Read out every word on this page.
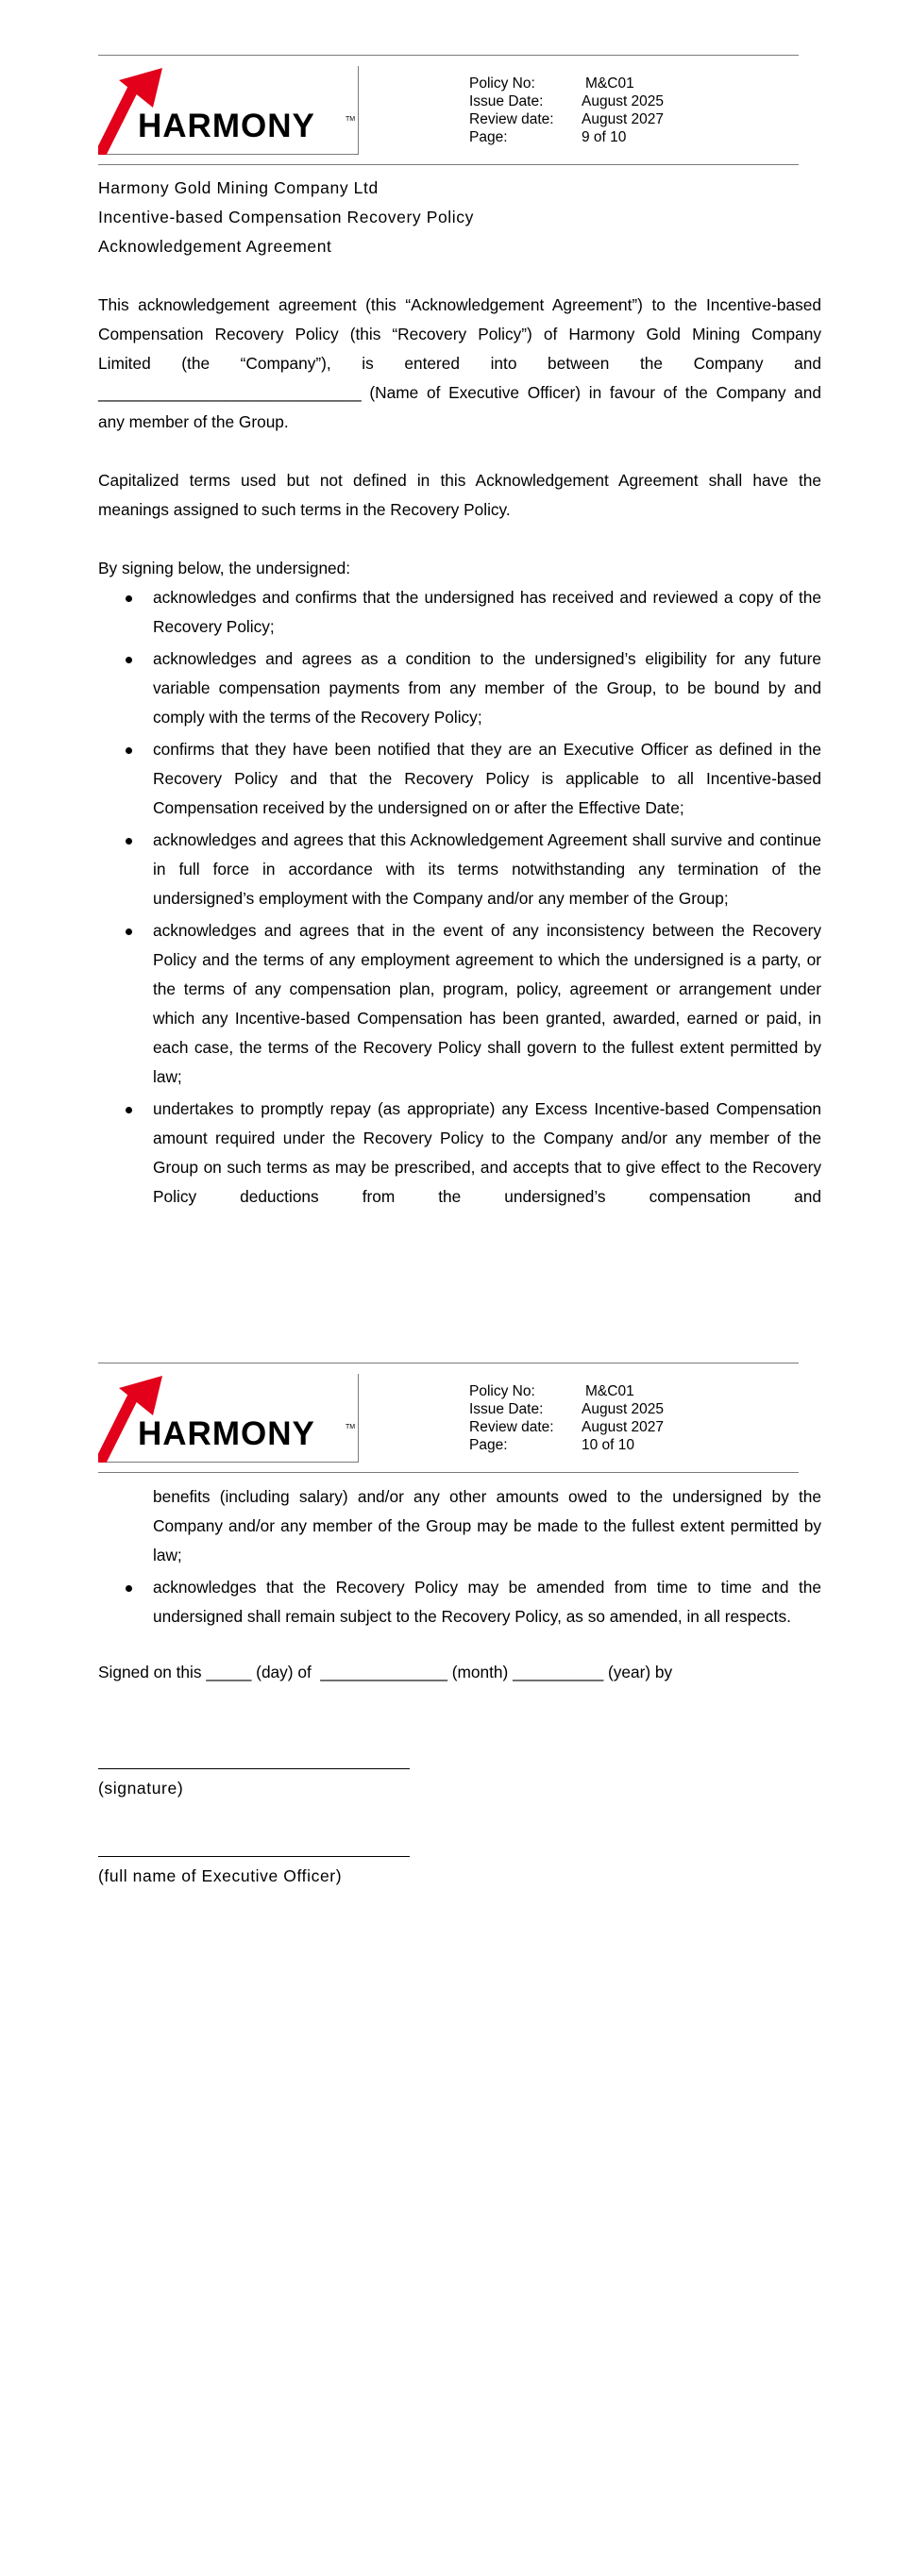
HARMONY	TM
Policy No:	M&C01
Issue Date:	August 2025
Review date:	August 2027
Page:	9 of 10
Harmony Gold Mining Company Ltd
Incentive-based Compensation Recovery Policy
Acknowledgement Agreement
This acknowledgement agreement (this “Acknowledgement Agreement”) to the Incentive-based
Compensation Recovery Policy (this “Recovery Policy”) of Harmony Gold Mining Company
Limited (the “Company”), is entered into between the Company and
_____________________________ (Name of Executive Officer) in favour of the Company and
any member of the Group.

Capitalized terms used but not defined in this Acknowledgement Agreement shall have the meanings assigned to such terms in the Recovery Policy.

By signing below, the undersigned:

acknowledges and confirms that the undersigned has received and reviewed a copy of the Recovery Policy;
acknowledges and agrees as a condition to the undersigned’s eligibility for any future variable compensation payments from any member of the Group, to be bound by and comply with the terms of the Recovery Policy;
confirms that they have been notified that they are an Executive Officer as defined in the Recovery Policy and that the Recovery Policy is applicable to all Incentive-based Compensation received by the undersigned on or after the Effective Date;
acknowledges and agrees that this Acknowledgement Agreement shall survive and continue in full force in accordance with its terms notwithstanding any termination of the undersigned’s employment with the Company and/or any member of the Group;
acknowledges and agrees that in the event of any inconsistency between the Recovery Policy and the terms of any employment agreement to which the undersigned is a party, or the terms of any compensation plan, program, policy, agreement or arrangement under which any Incentive-based Compensation has been granted, awarded, earned or paid, in each case, the terms of the Recovery Policy shall govern to the fullest extent permitted by law;
undertakes to promptly repay (as appropriate) any Excess Incentive-based Compensation amount required under the Recovery Policy to the Company and/or any member of the Group on such terms as may be prescribed, and accepts that to give effect to the Recovery Policy deductions from the undersigned’s compensation and
HARMONY	TM
Policy No:	M&C01
Issue Date:	August 2025
Review date:	August 2027
Page:	10 of 10
benefits (including salary) and/or any other amounts owed to the undersigned by the Company and/or any member of the Group may be made to the fullest extent permitted by law;
acknowledges that the Recovery Policy may be amended from time to time and the undersigned shall remain subject to the Recovery Policy, as so amended, in all respects.
Signed on this _____ (day) of  ______________ (month) __________ (year) by
(signature)
(full name of Executive Officer)
